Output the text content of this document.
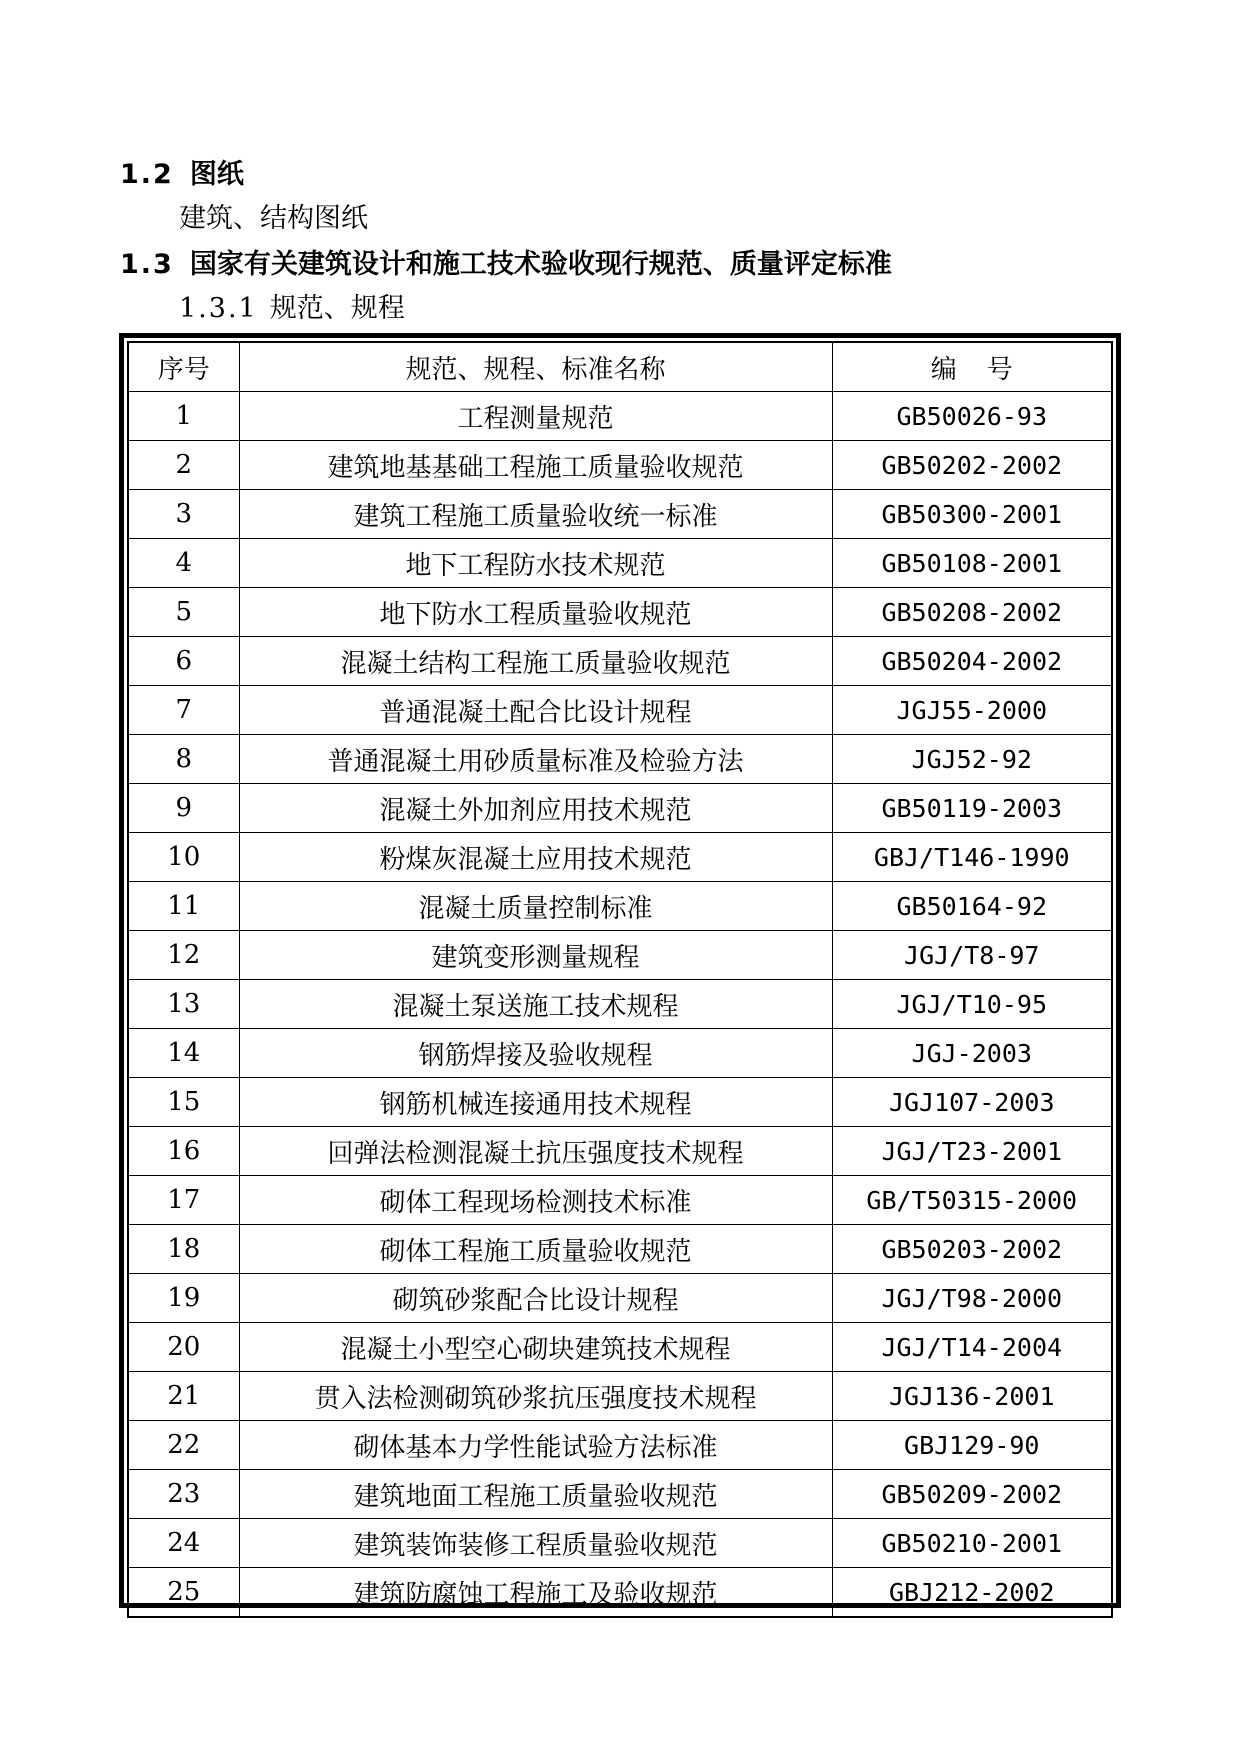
1.2 图纸
建筑、结构图纸
1.3 国家有关建筑设计和施工技术验收现行规范、质量评定标准
1.3.1 规范、规程
序号	规范、规程、标准名称	编号
1	工程测量规范	GB50026-93
2	建筑地基基础工程施工质量验收规范	GB50202-2002
3	建筑工程施工质量验收统一标准	GB50300-2001
4	地下工程防水技术规范	GB50108-2001
5	地下防水工程质量验收规范	GB50208-2002
6	混凝土结构工程施工质量验收规范	GB50204-2002
7	普通混凝土配合比设计规程	JGJ55-2000
8	普通混凝土用砂质量标准及检验方法	JGJ52-92
9	混凝土外加剂应用技术规范	GB50119-2003
10	粉煤灰混凝土应用技术规范	GBJ/T146-1990
11	混凝土质量控制标准	GB50164-92
12	建筑变形测量规程	JGJ/T8-97
13	混凝土泵送施工技术规程	JGJ/T10-95
14	钢筋焊接及验收规程	JGJ-2003
15	钢筋机械连接通用技术规程	JGJ107-2003
16	回弹法检测混凝土抗压强度技术规程	JGJ/T23-2001
17	砌体工程现场检测技术标准	GB/T50315-2000
18	砌体工程施工质量验收规范	GB50203-2002
19	砌筑砂浆配合比设计规程	JGJ/T98-2000
20	混凝土小型空心砌块建筑技术规程	JGJ/T14-2004
21	贯入法检测砌筑砂浆抗压强度技术规程	JGJ136-2001
22	砌体基本力学性能试验方法标准	GBJ129-90
23	建筑地面工程施工质量验收规范	GB50209-2002
24	建筑装饰装修工程质量验收规范	GB50210-2001
25	建筑防腐蚀工程施工及验收规范	GBJ212-2002
